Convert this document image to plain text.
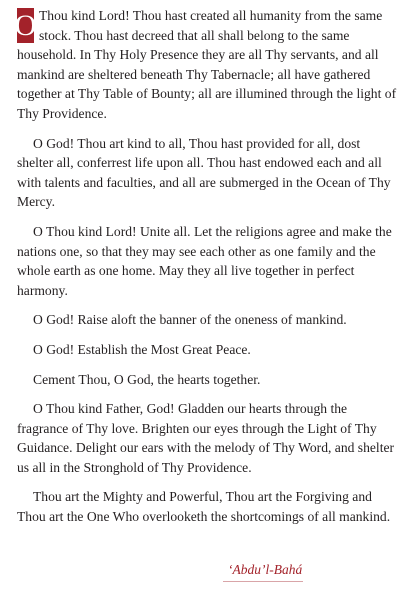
O Thou kind Lord! Thou hast created all humanity from the same stock. Thou hast decreed that all shall belong to the same household. In Thy Holy Presence they are all Thy servants, and all mankind are sheltered beneath Thy Tabernacle; all have gathered together at Thy Table of Bounty; all are illumined through the light of Thy Providence.

O God! Thou art kind to all, Thou hast provided for all, dost shelter all, conferrest life upon all. Thou hast endowed each and all with talents and faculties, and all are submerged in the Ocean of Thy Mercy.

O Thou kind Lord! Unite all. Let the religions agree and make the nations one, so that they may see each other as one family and the whole earth as one home. May they all live together in perfect harmony.

O God! Raise aloft the banner of the oneness of mankind.

O God! Establish the Most Great Peace.

Cement Thou, O God, the hearts together.

O Thou kind Father, God! Gladden our hearts through the fragrance of Thy love. Brighten our eyes through the Light of Thy Guidance. Delight our ears with the melody of Thy Word, and shelter us all in the Stronghold of Thy Providence.

Thou art the Mighty and Powerful, Thou art the Forgiving and Thou art the One Who overlooketh the shortcomings of all mankind.

‘Abdu’l-Bahá
